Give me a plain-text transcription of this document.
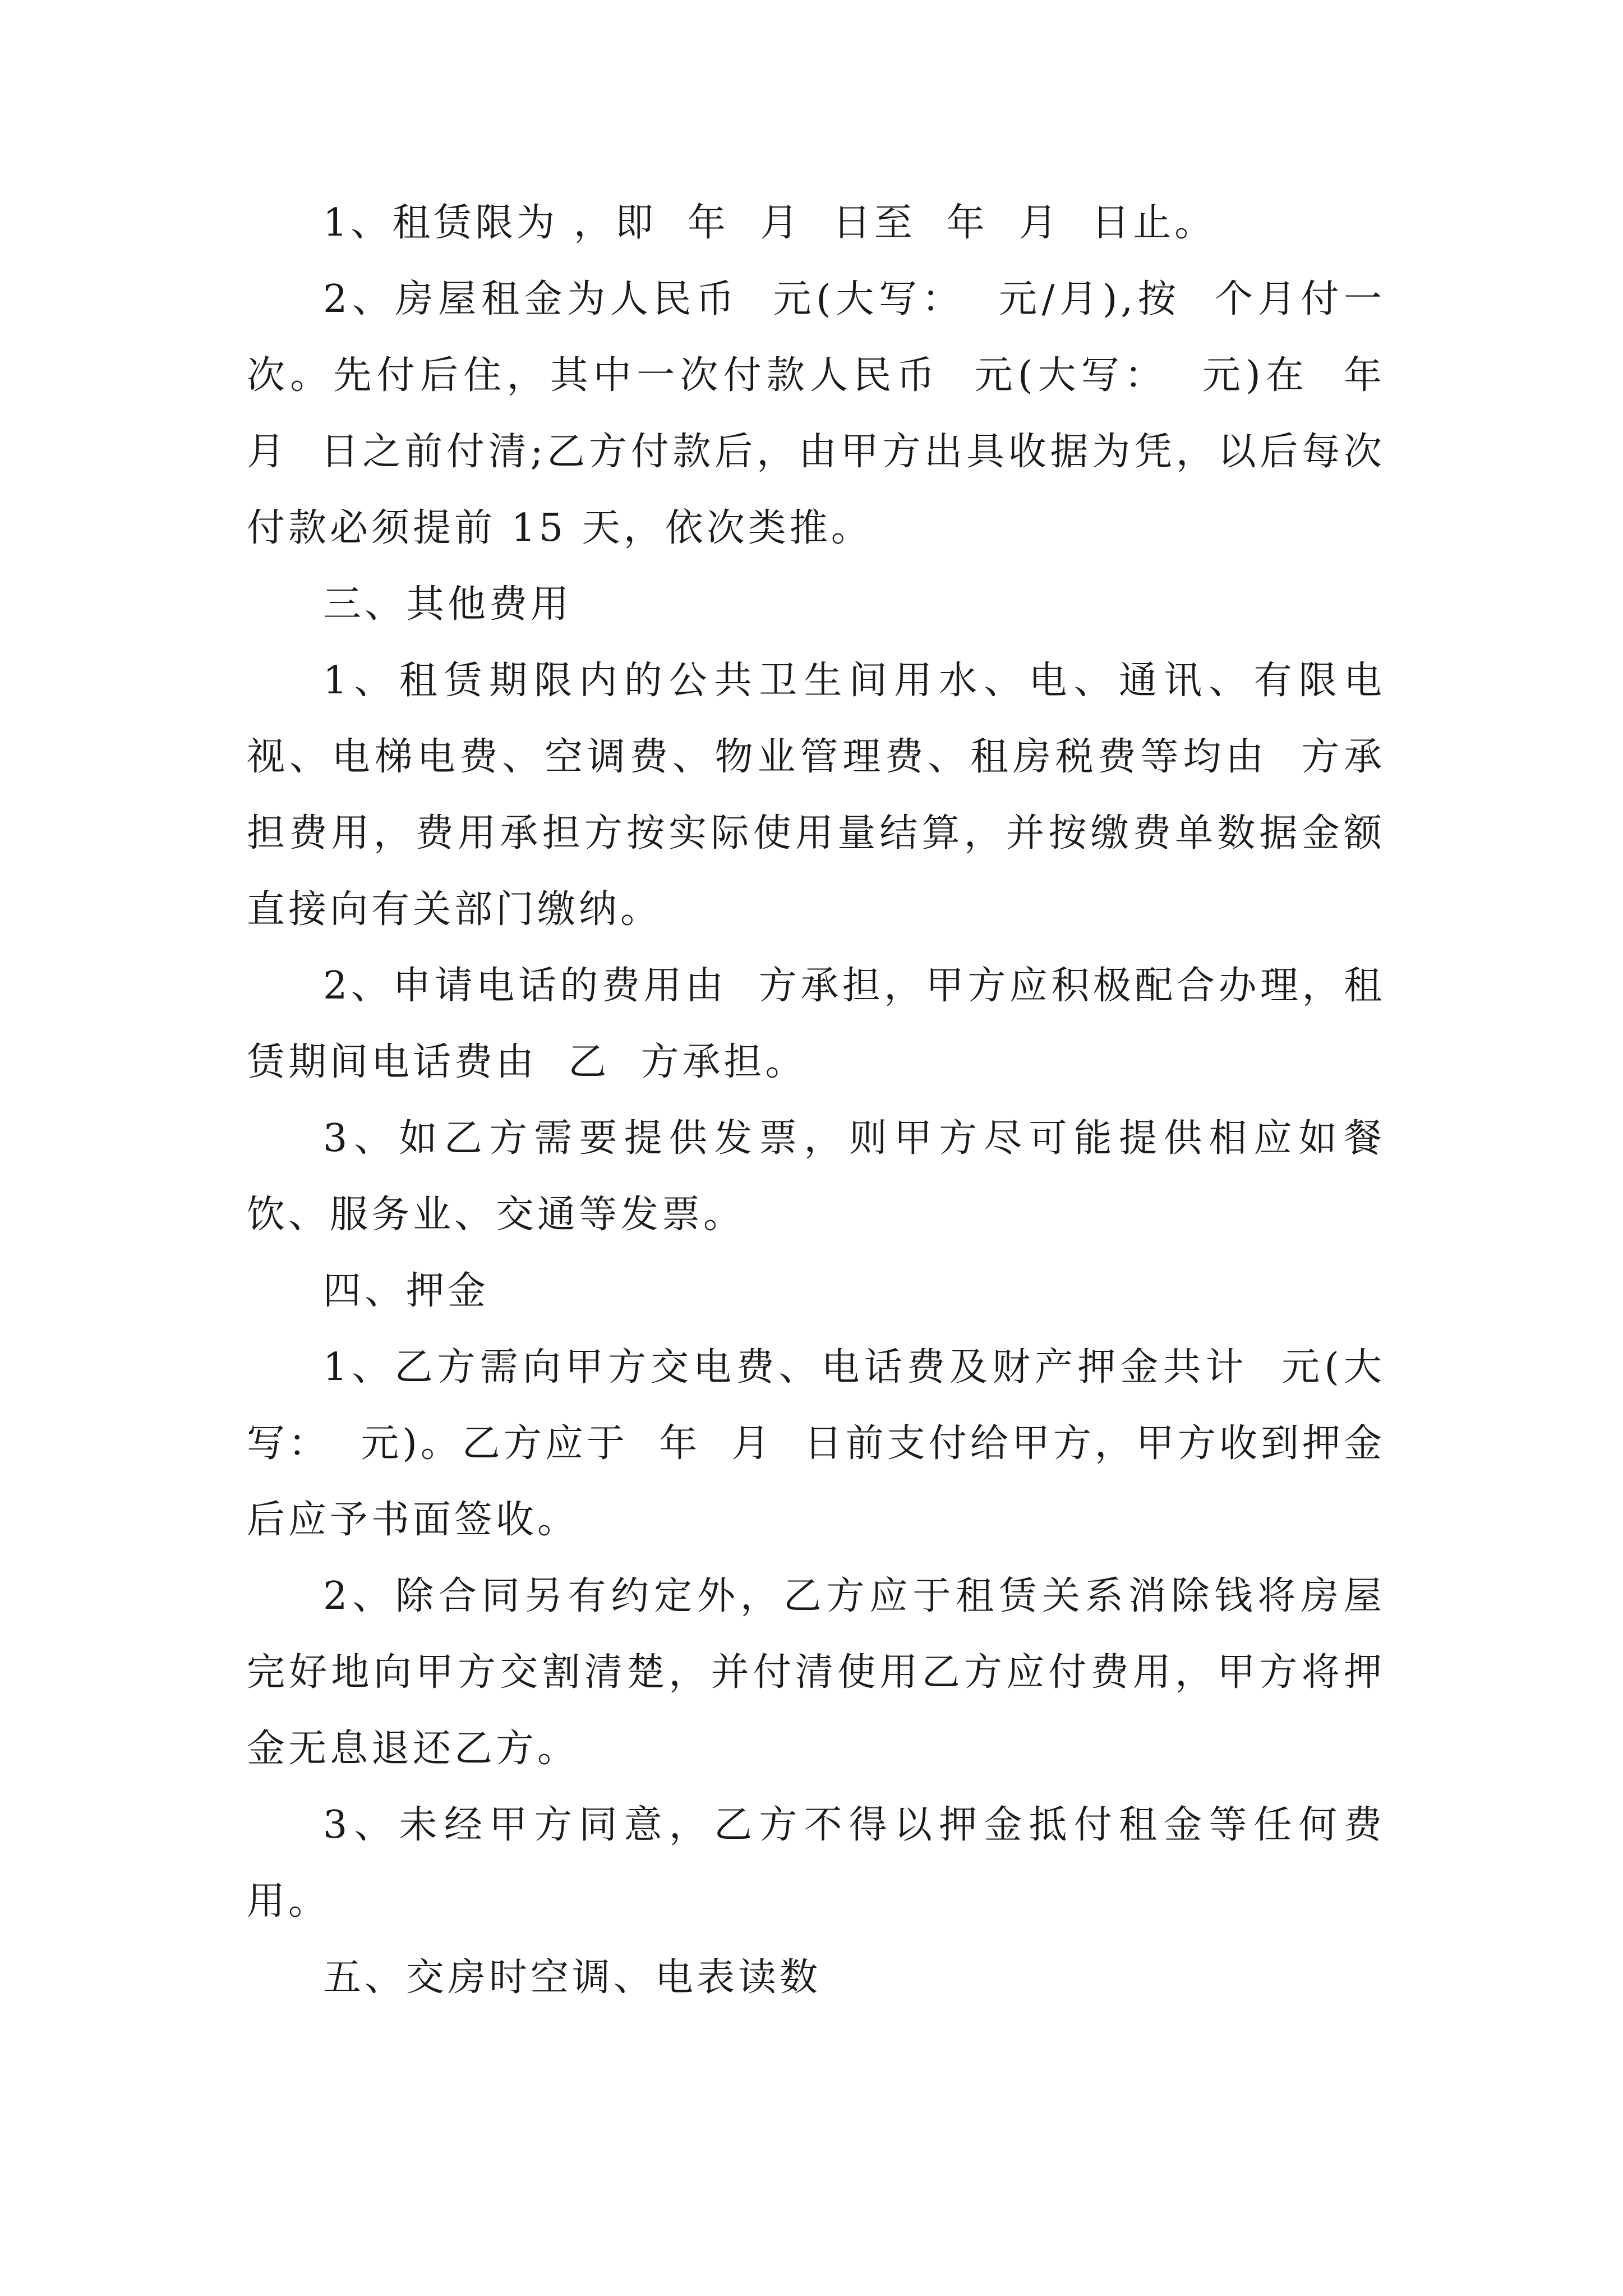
1、租赁限为 ，即  年  月  日至  年  月  日止。

2、房屋租金为人民币  元(大写：  元/月),按  个月付一次。先付后住，其中一次付款人民币  元(大写：  元)在  年  月  日之前付清;乙方付款后，由甲方出具收据为凭，以后每次付款必须提前 15 天，依次类推。

三、其他费用

1、租赁期限内的公共卫生间用水、电、通讯、有限电视、电梯电费、空调费、物业管理费、租房税费等均由  方承担费用，费用承担方按实际使用量结算，并按缴费单数据金额直接向有关部门缴纳。

2、申请电话的费用由  方承担，甲方应积极配合办理，租赁期间电话费由  乙  方承担。

3、如乙方需要提供发票，则甲方尽可能提供相应如餐饮、服务业、交通等发票。

四、押金

1、乙方需向甲方交电费、电话费及财产押金共计  元(大写：  元)。乙方应于  年  月  日前支付给甲方，甲方收到押金后应予书面签收。

2、除合同另有约定外，乙方应于租赁关系消除钱将房屋完好地向甲方交割清楚，并付清使用乙方应付费用，甲方将押金无息退还乙方。

3、未经甲方同意，乙方不得以押金抵付租金等任何费用。

五、交房时空调、电表读数
